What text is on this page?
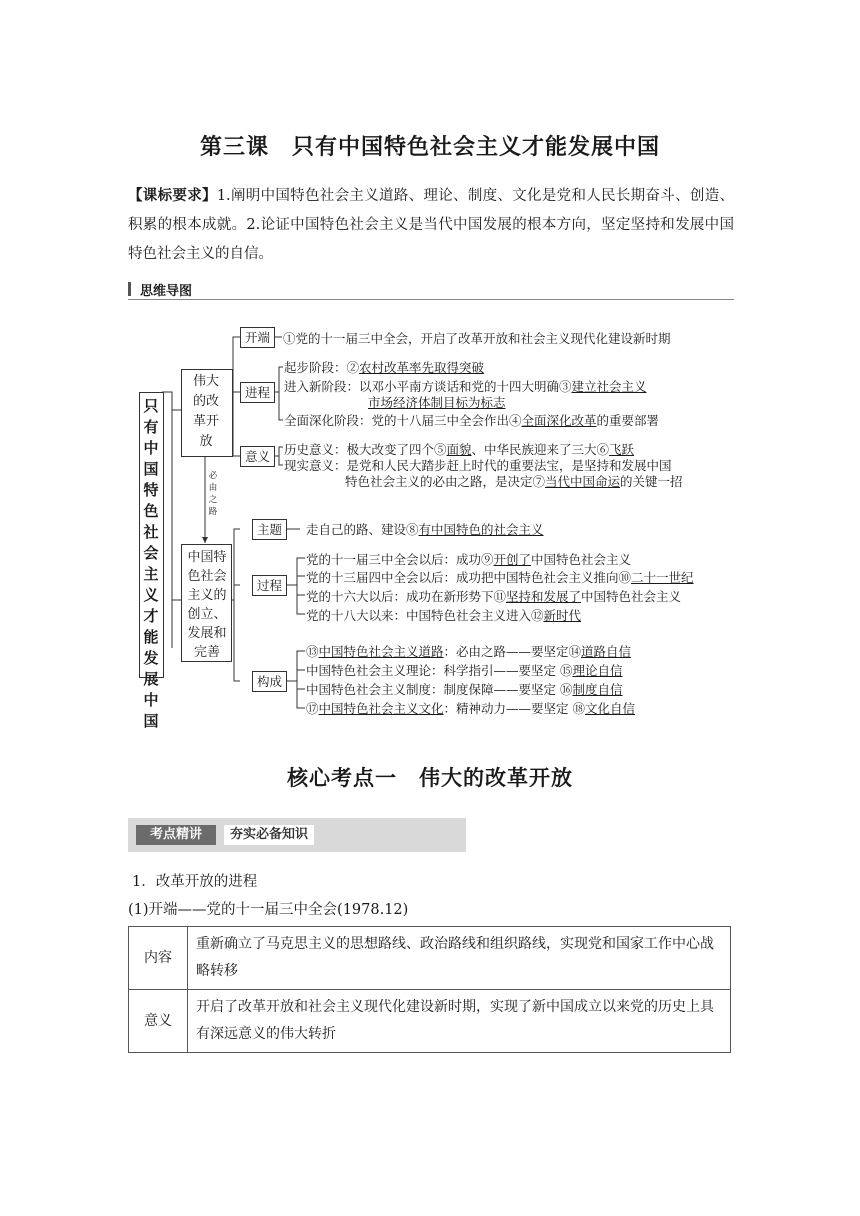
第三课　只有中国特色社会主义才能发展中国
【课标要求】1.阐明中国特色社会主义道路、理论、制度、文化是党和人民长期奋斗、创造、积累的根本成就。2.论证中国特色社会主义是当代中国发展的根本方向，坚定坚持和发展中国特色社会主义的自信。
思维导图
只有中国特色社会主义才能发展中国
伟大的改革开放
必由之路
中国特色社会主义的创立、发展和完善
开端
进程
意义
主题
过程
构成
①党的十一届三中全会，开启了改革开放和社会主义现代化建设新时期
起步阶段：②农村改革率先取得突破
进入新阶段：以邓小平南方谈话和党的十四大明确③建立社会主义
市场经济体制目标为标志
全面深化阶段：党的十八届三中全会作出④全面深化改革的重要部署
历史意义：极大改变了四个⑤面貌、中华民族迎来了三大⑥飞跃
现实意义：是党和人民大踏步赶上时代的重要法宝，是坚持和发展中国
特色社会主义的必由之路，是决定⑦当代中国命运的关键一招
走自己的路、建设⑧有中国特色的社会主义
党的十一届三中全会以后：成功⑨开创了中国特色社会主义
党的十三届四中全会以后：成功把中国特色社会主义推向⑩二十一世纪
党的十六大以后：成功在新形势下⑪坚持和发展了中国特色社会主义
党的十八大以来：中国特色社会主义进入⑫新时代
⑬中国特色社会主义道路：必由之路——要坚定⑭道路自信
中国特色社会主义理论：科学指引——要坚定 ⑮理论自信
中国特色社会主义制度：制度保障——要坚定 ⑯制度自信
⑰中国特色社会主义文化：精神动力——要坚定 ⑱文化自信
核心考点一　伟大的改革开放
考点精讲	夯实必备知识
1．改革开放的进程
(1)开端——党的十一届三中全会(1978.12)
内容	重新确立了马克思主义的思想路线、政治路线和组织路线，实现党和国家工作中心战略转移
意义	开启了改革开放和社会主义现代化建设新时期，实现了新中国成立以来党的历史上具有深远意义的伟大转折
